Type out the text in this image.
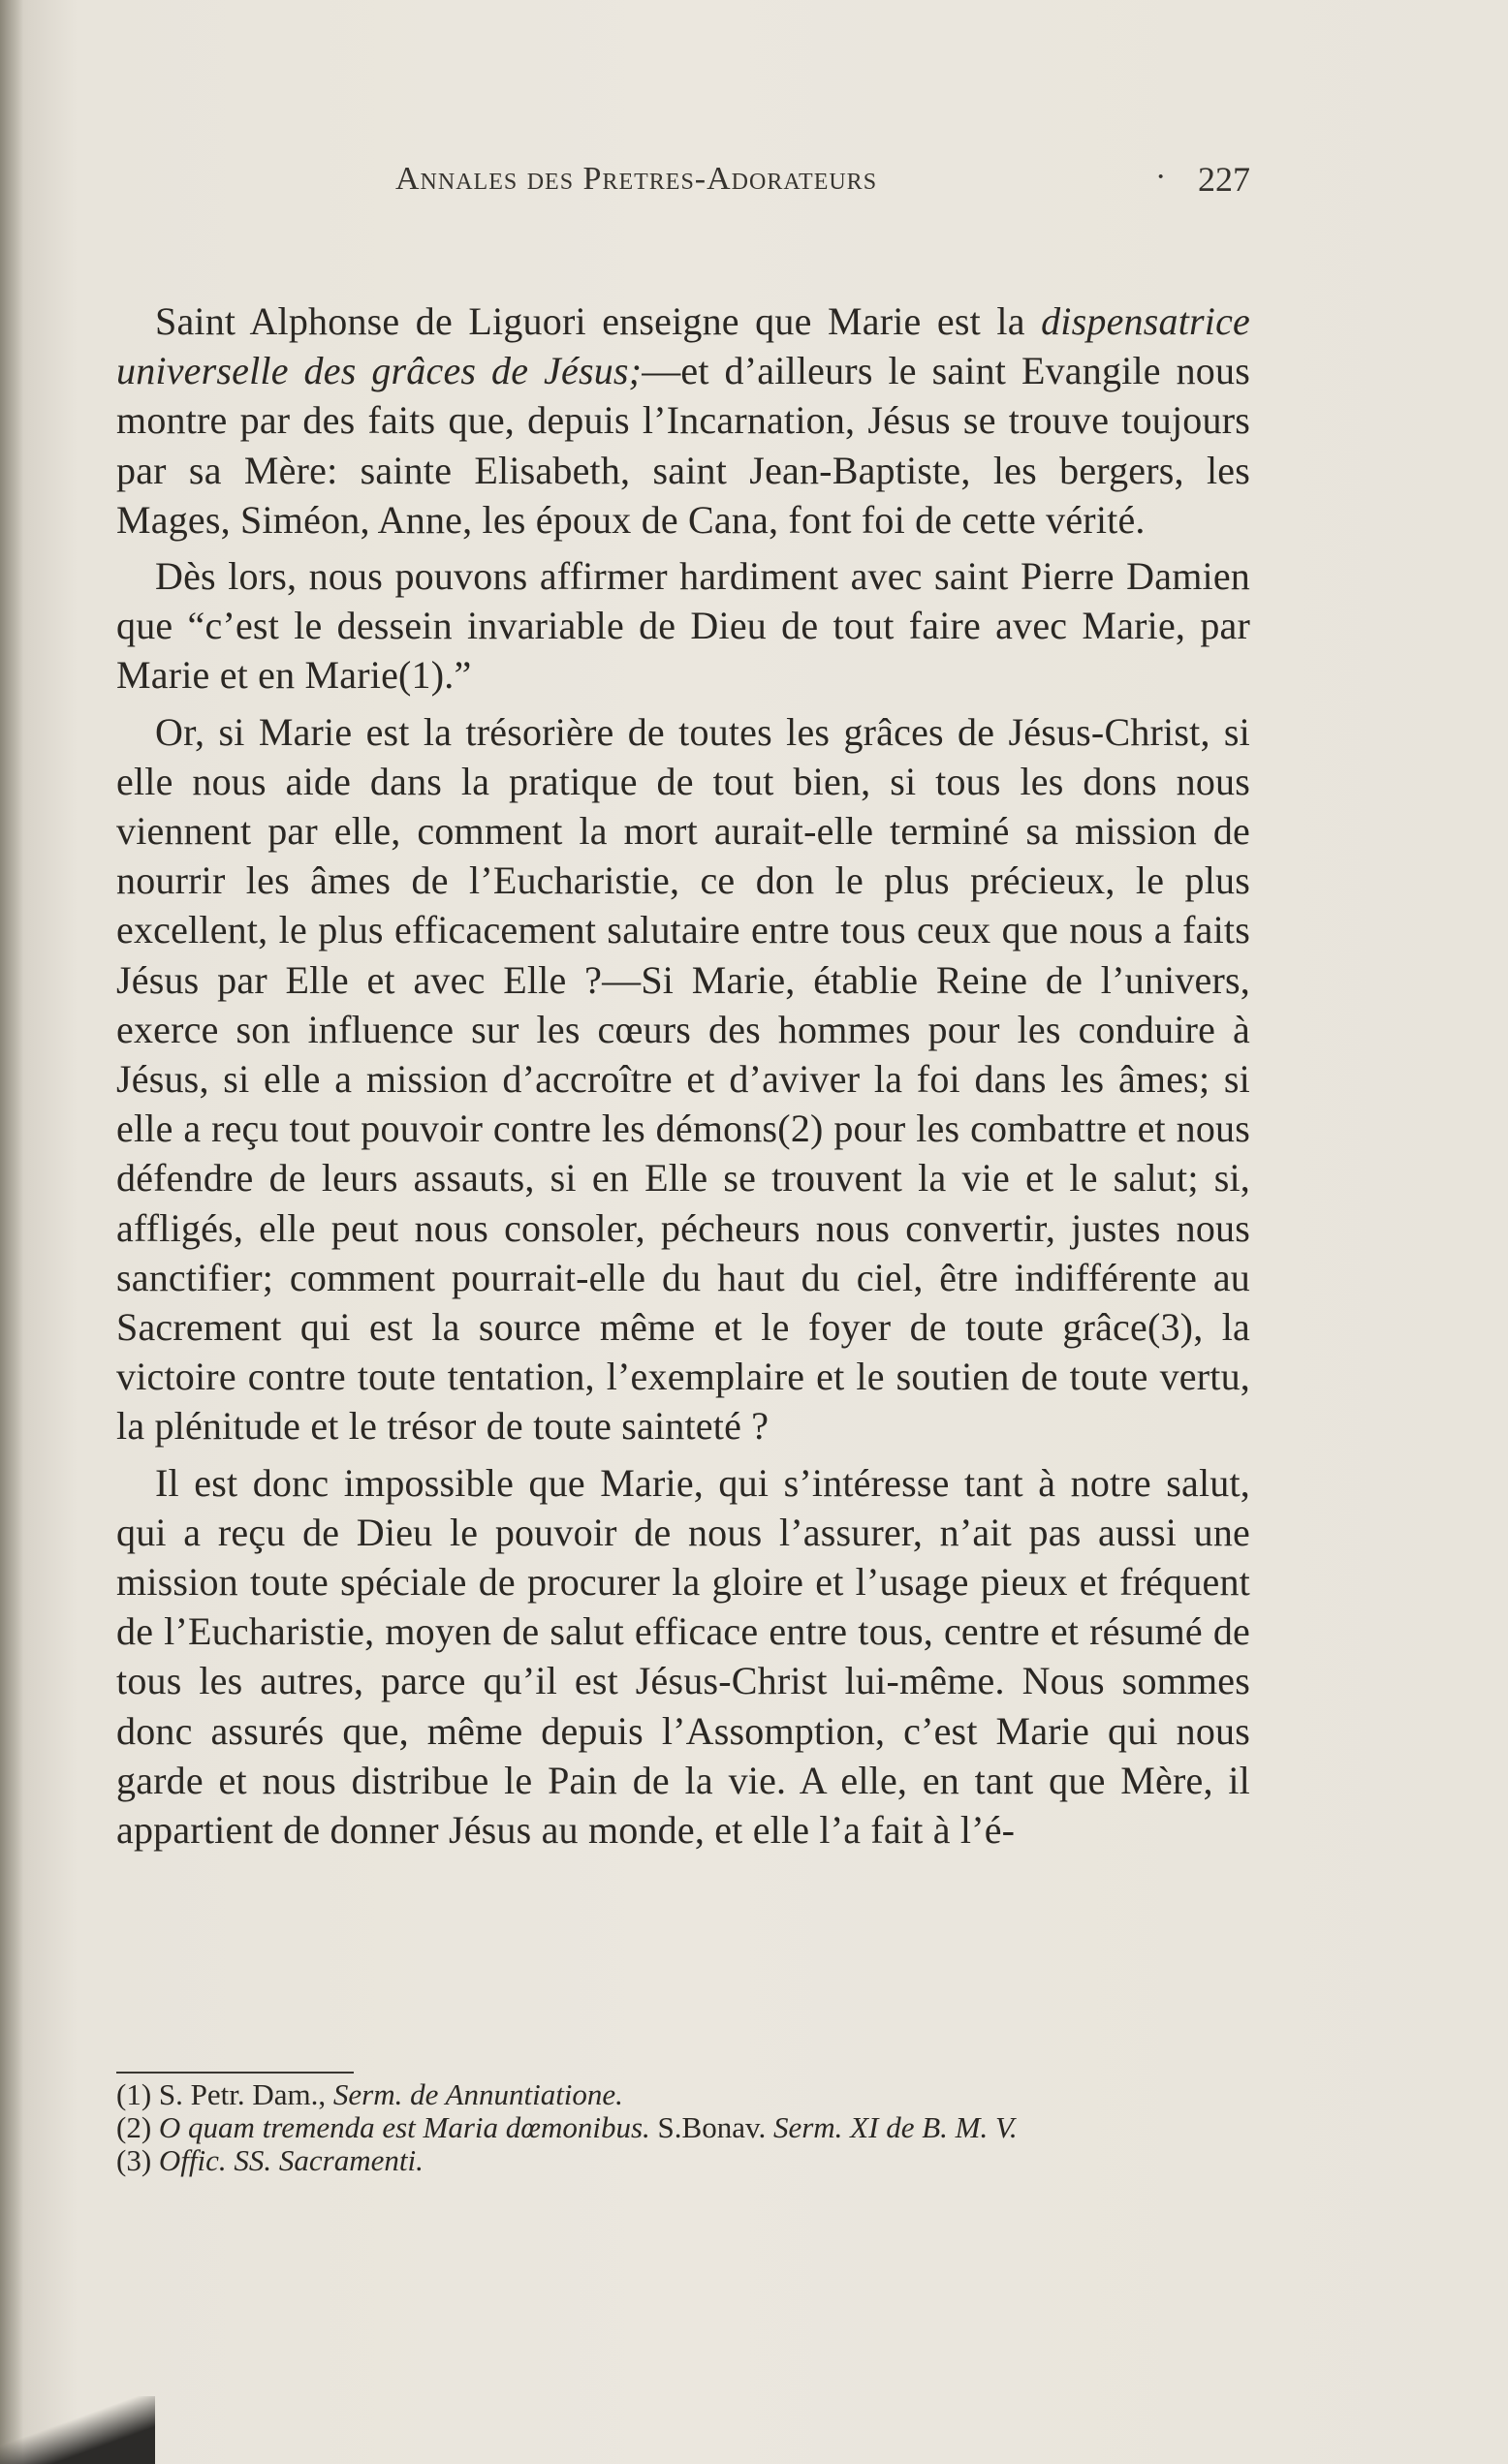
Annales des Pretres-Adorateurs	· 227

Saint Alphonse de Liguori enseigne que Marie est la dispensatrice universelle des grâces de Jésus;—et d’ailleurs le saint Evangile nous montre par des faits que, depuis l’Incarnation, Jésus se trouve toujours par sa Mère: sainte Elisabeth, saint Jean-Baptiste, les bergers, les Mages, Siméon, Anne, les époux de Cana, font foi de cette vérité.

Dès lors, nous pouvons affirmer hardiment avec saint Pierre Damien que “c’est le dessein invariable de Dieu de tout faire avec Marie, par Marie et en Marie(1).”

Or, si Marie est la trésorière de toutes les grâces de Jésus-Christ, si elle nous aide dans la pratique de tout bien, si tous les dons nous viennent par elle, comment la mort aurait-elle terminé sa mission de nourrir les âmes de l’Eucharistie, ce don le plus précieux, le plus excellent, le plus efficacement salutaire entre tous ceux que nous a faits Jésus par Elle et avec Elle ?—Si Marie, établie Reine de l’univers, exerce son influence sur les cœurs des hommes pour les conduire à Jésus, si elle a mission d’accroître et d’aviver la foi dans les âmes; si elle a reçu tout pouvoir contre les démons(2) pour les combattre et nous défendre de leurs assauts, si en Elle se trouvent la vie et le salut; si, affligés, elle peut nous consoler, pécheurs nous convertir, justes nous sanctifier; comment pourrait-elle du haut du ciel, être indifférente au Sacrement qui est la source même et le foyer de toute grâce(3), la victoire contre toute tentation, l’exemplaire et le soutien de toute vertu, la plénitude et le trésor de toute sainteté ?

Il est donc impossible que Marie, qui s’intéresse tant à notre salut, qui a reçu de Dieu le pouvoir de nous l’assurer, n’ait pas aussi une mission toute spéciale de procurer la gloire et l’usage pieux et fréquent de l’Eucharistie, moyen de salut efficace entre tous, centre et résumé de tous les autres, parce qu’il est Jésus-Christ lui-même. Nous sommes donc assurés que, même depuis l’Assomption, c’est Marie qui nous garde et nous distribue le Pain de la vie. A elle, en tant que Mère, il appartient de donner Jésus au monde, et elle l’a fait à l’é-

(1) S. Petr. Dam., Serm. de Annuntiatione.
(2) O quam tremenda est Maria dœmonibus. S.Bonav. Serm. XI de B. M. V.
(3) Offic. SS. Sacramenti.
